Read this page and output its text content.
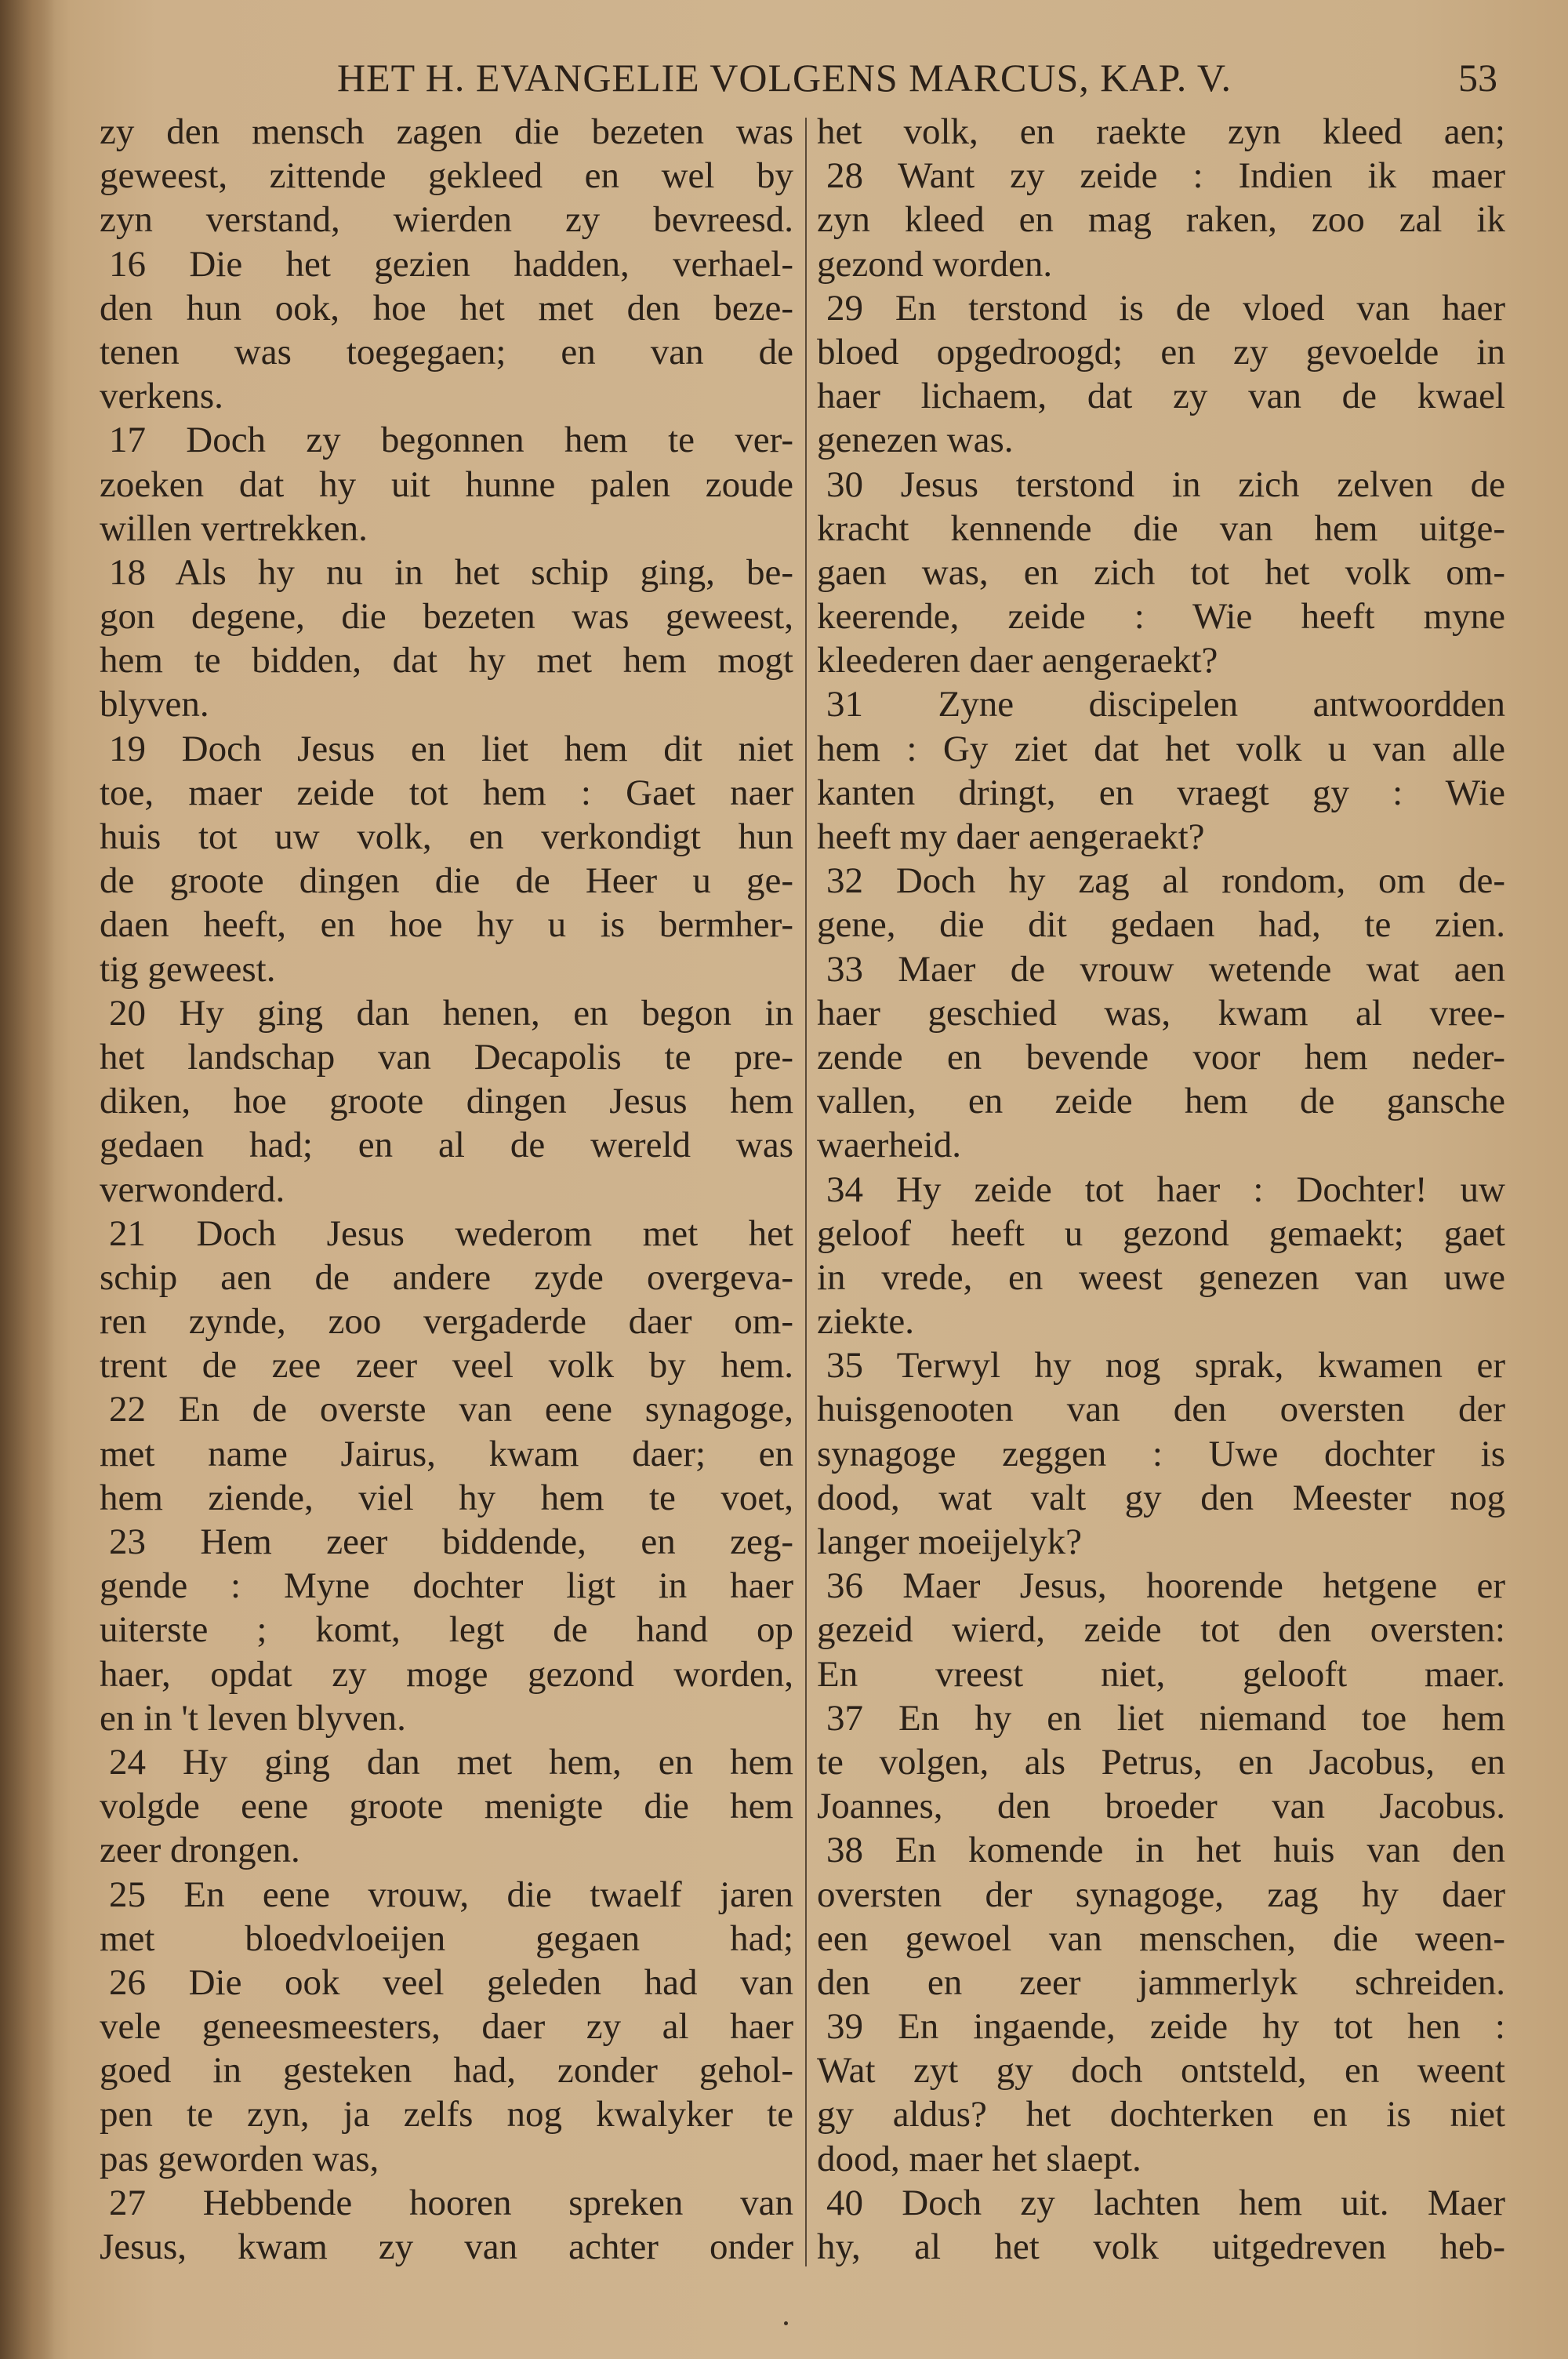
HET H. EVANGELIE VOLGENS MARCUS, KAP. V.	53
zy den mensch zagen die bezeten was
geweest, zittende gekleed en wel by
zyn verstand, wierden zy bevreesd.
16 Die het gezien hadden, verhael-
den hun ook, hoe het met den beze-
tenen was toegegaen; en van de
verkens.
17 Doch zy begonnen hem te ver-
zoeken dat hy uit hunne palen zoude
willen vertrekken.
18 Als hy nu in het schip ging, be-
gon degene, die bezeten was geweest,
hem te bidden, dat hy met hem mogt
blyven.
19 Doch Jesus en liet hem dit niet
toe, maer zeide tot hem : Gaet naer
huis tot uw volk, en verkondigt hun
de groote dingen die de Heer u ge-
daen heeft, en hoe hy u is bermher-
tig geweest.
20 Hy ging dan henen, en begon in
het landschap van Decapolis te pre-
diken, hoe groote dingen Jesus hem
gedaen had; en al de wereld was
verwonderd.
21 Doch Jesus wederom met het
schip aen de andere zyde overgeva-
ren zynde, zoo vergaderde daer om-
trent de zee zeer veel volk by hem.
22 En de overste van eene synagoge,
met name Jairus, kwam daer; en
hem ziende, viel hy hem te voet,
23 Hem zeer biddende, en zeg-
gende : Myne dochter ligt in haer
uiterste ; komt, legt de hand op
haer, opdat zy moge gezond worden,
en in 't leven blyven.
24 Hy ging dan met hem, en hem
volgde eene groote menigte die hem
zeer drongen.
25 En eene vrouw, die twaelf jaren
met bloedvloeijen gegaen had;
26 Die ook veel geleden had van
vele geneesmeesters, daer zy al haer
goed in gesteken had, zonder gehol-
pen te zyn, ja zelfs nog kwalyker te
pas geworden was,
27 Hebbende hooren spreken van
Jesus, kwam zy van achter onder
het volk, en raekte zyn kleed aen;
28 Want zy zeide : Indien ik maer
zyn kleed en mag raken, zoo zal ik
gezond worden.
29 En terstond is de vloed van haer
bloed opgedroogd; en zy gevoelde in
haer lichaem, dat zy van de kwael
genezen was.
30 Jesus terstond in zich zelven de
kracht kennende die van hem uitge-
gaen was, en zich tot het volk om-
keerende, zeide : Wie heeft myne
kleederen daer aengeraekt?
31 Zyne discipelen antwoordden
hem : Gy ziet dat het volk u van alle
kanten dringt, en vraegt gy : Wie
heeft my daer aengeraekt?
32 Doch hy zag al rondom, om de-
gene, die dit gedaen had, te zien.
33 Maer de vrouw wetende wat aen
haer geschied was, kwam al vree-
zende en bevende voor hem neder-
vallen, en zeide hem de gansche
waerheid.
34 Hy zeide tot haer : Dochter! uw
geloof heeft u gezond gemaekt; gaet
in vrede, en weest genezen van uwe
ziekte.
35 Terwyl hy nog sprak, kwamen er
huisgenooten van den oversten der
synagoge zeggen : Uwe dochter is
dood, wat valt gy den Meester nog
langer moeijelyk?
36 Maer Jesus, hoorende hetgene er
gezeid wierd, zeide tot den oversten:
En vreest niet, gelooft maer.
37 En hy en liet niemand toe hem
te volgen, als Petrus, en Jacobus, en
Joannes, den broeder van Jacobus.
38 En komende in het huis van den
oversten der synagoge, zag hy daer
een gewoel van menschen, die ween-
den en zeer jammerlyk schreiden.
39 En ingaende, zeide hy tot hen :
Wat zyt gy doch ontsteld, en weent
gy aldus? het dochterken en is niet
dood, maer het slaept.
40 Doch zy lachten hem uit. Maer
hy, al het volk uitgedreven heb-
